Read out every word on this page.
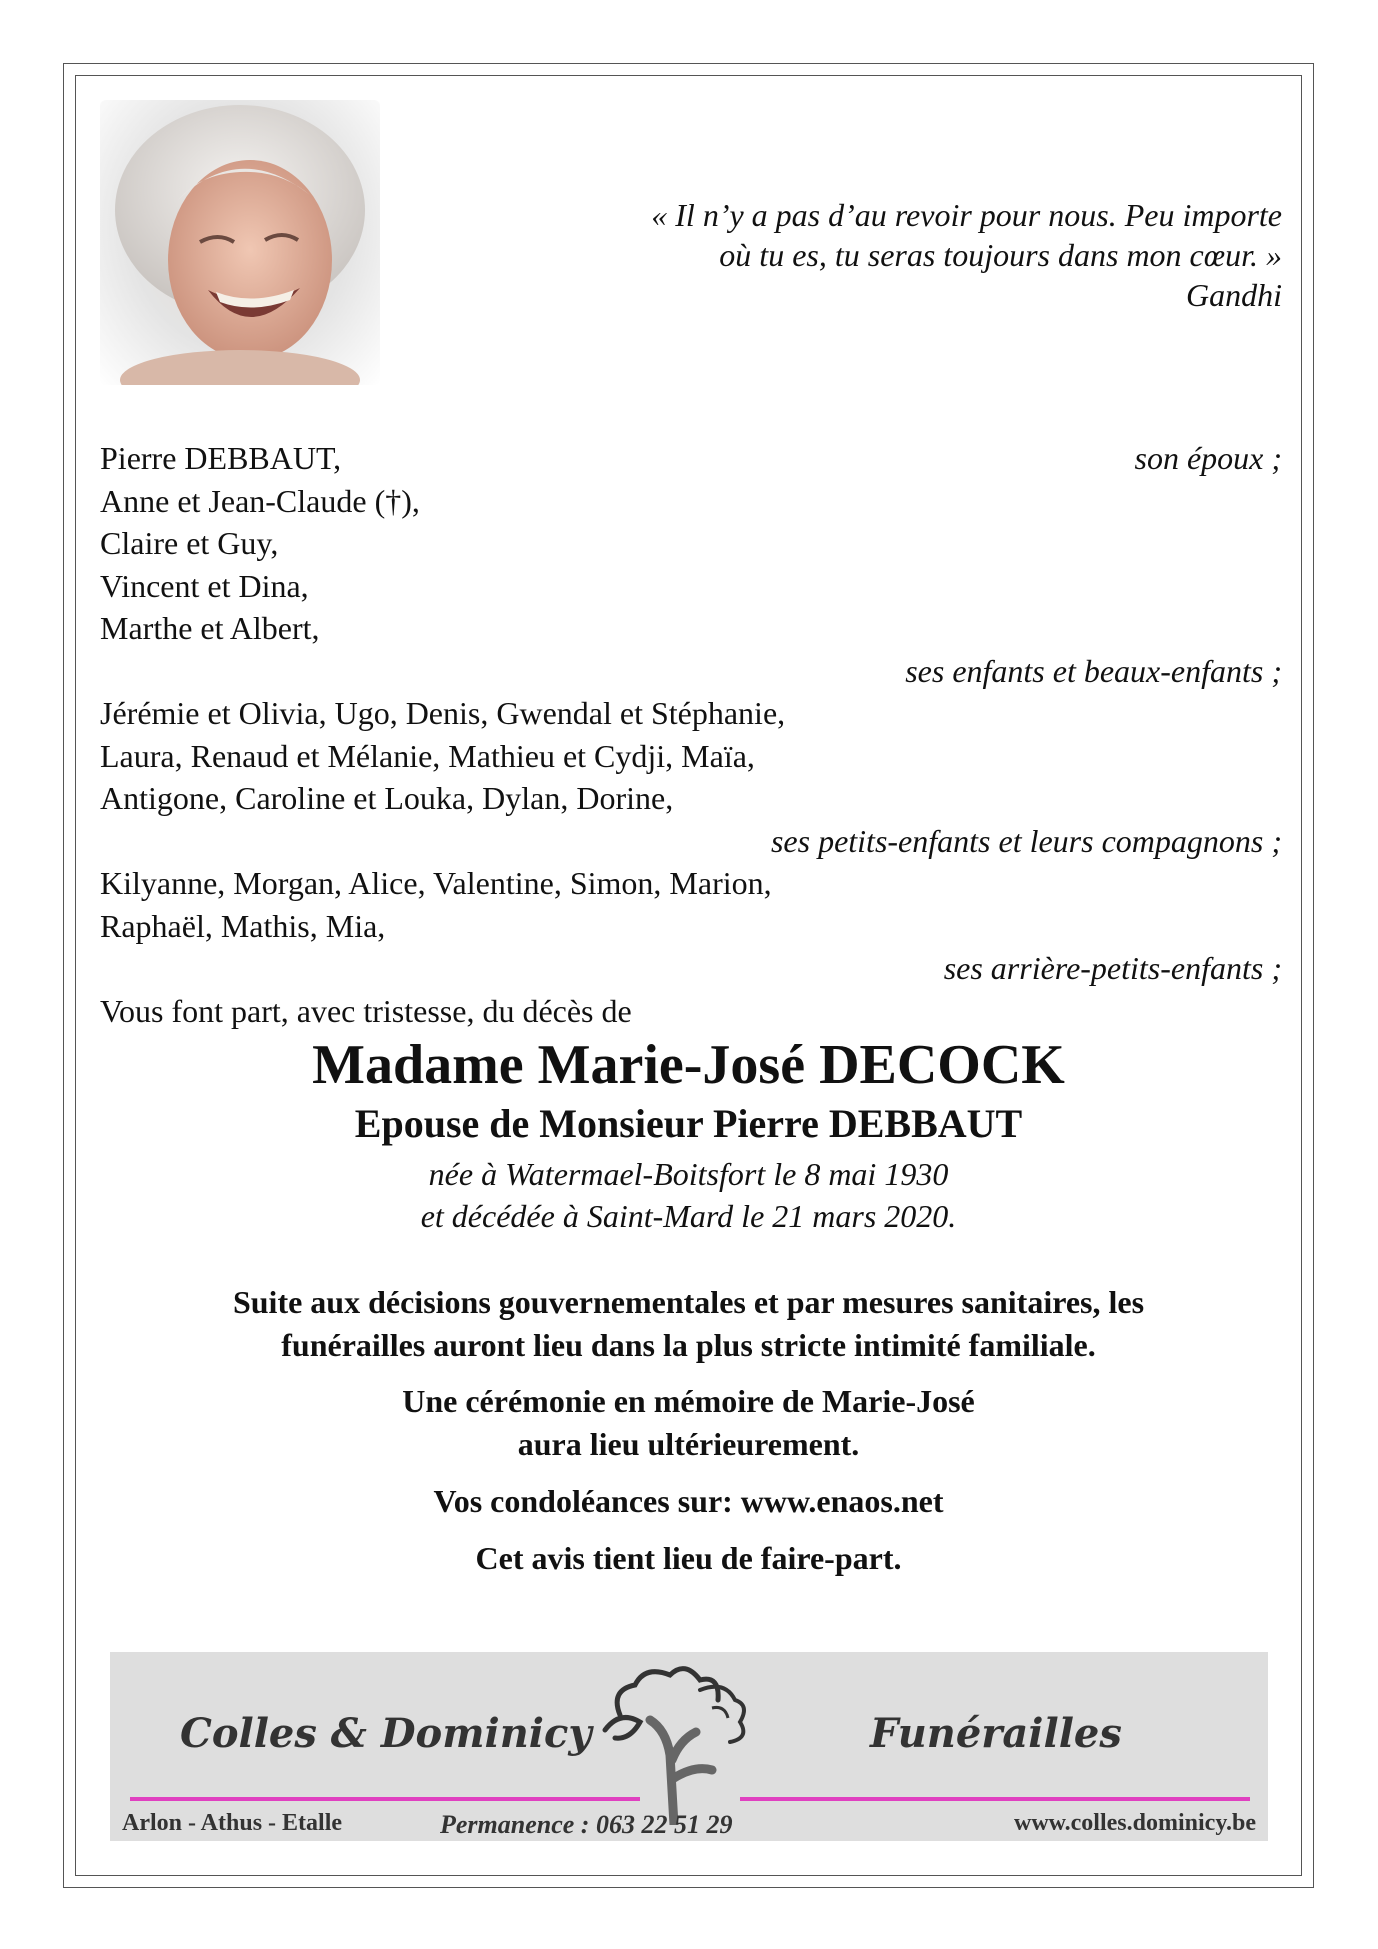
« Il n’y a pas d’au revoir pour nous. Peu importe
où tu es, tu seras toujours dans mon cœur. »
Gandhi
Pierre DEBBAUT,	son époux ;
Anne et Jean-Claude (†),
Claire et Guy,
Vincent et Dina,
Marthe et Albert,
ses enfants et beaux-enfants ;
Jérémie et Olivia, Ugo, Denis, Gwendal et Stéphanie,
Laura, Renaud et Mélanie, Mathieu et Cydji, Maïa,
Antigone, Caroline et Louka, Dylan, Dorine,
ses petits-enfants et leurs compagnons ;
Kilyanne, Morgan, Alice, Valentine, Simon, Marion,
Raphaël, Mathis, Mia,
ses arrière-petits-enfants ;
Vous font part, avec tristesse, du décès de
Madame Marie-José DECOCK
Epouse de Monsieur Pierre DEBBAUT
née à Watermael-Boitsfort le 8 mai 1930
et décédée à Saint-Mard le 21 mars 2020.
Suite aux décisions gouvernementales et par mesures sanitaires, les
funérailles auront lieu dans la plus stricte intimité familiale.
Une cérémonie en mémoire de Marie-José
aura lieu ultérieurement.
Vos condoléances sur: www.enaos.net
Cet avis tient lieu de faire-part.
Colles & Dominicy	Funérailles
Arlon - Athus - Etalle	Permanence : 063 22 51 29	www.colles.dominicy.be
